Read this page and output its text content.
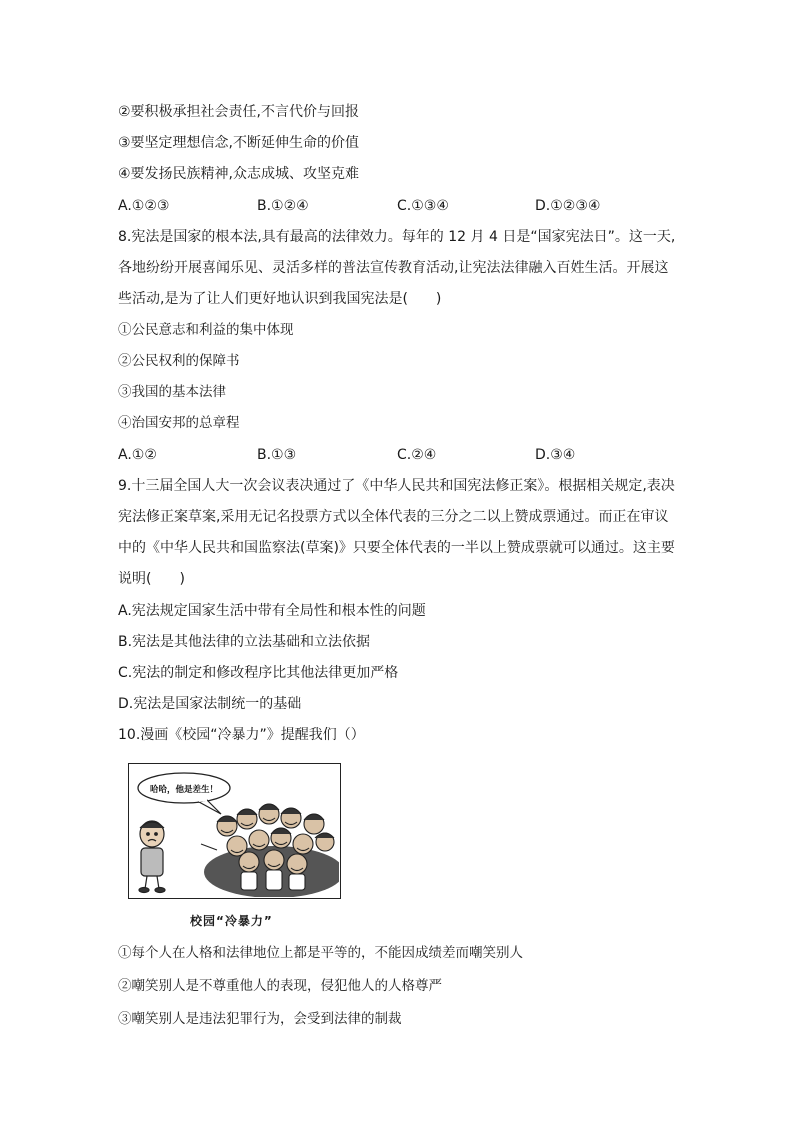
②要积极承担社会责任,不言代价与回报
③要坚定理想信念,不断延伸生命的价值
④要发扬民族精神,众志成城、攻坚克难
A.①②③	B.①②④	C.①③④	D.①②③④
8.宪法是国家的根本法,具有最高的法律效力。每年的 12 月 4 日是“国家宪法日”。这一天,
各地纷纷开展喜闻乐见、灵活多样的普法宣传教育活动,让宪法法律融入百姓生活。开展这
些活动,是为了让人们更好地认识到我国宪法是(　　)
①公民意志和利益的集中体现
②公民权利的保障书
③我国的基本法律
④治国安邦的总章程
A.①②	B.①③	C.②④	D.③④
9.十三届全国人大一次会议表决通过了《中华人民共和国宪法修正案》。根据相关规定,表决
宪法修正案草案,采用无记名投票方式以全体代表的三分之二以上赞成票通过。而正在审议
中的《中华人民共和国监察法(草案)》只要全体代表的一半以上赞成票就可以通过。这主要
说明(　　)
A.宪法规定国家生活中带有全局性和根本性的问题
B.宪法是其他法律的立法基础和立法依据
C.宪法的制定和修改程序比其他法律更加严格
D.宪法是国家法制统一的基础
10.漫画《校园“冷暴力”》提醒我们（）
哈哈，他是差生！
校园“冷暴力”
①每个人在人格和法律地位上都是平等的，不能因成绩差而嘲笑别人
②嘲笑别人是不尊重他人的表现，侵犯他人的人格尊严
③嘲笑别人是违法犯罪行为，会受到法律的制裁
